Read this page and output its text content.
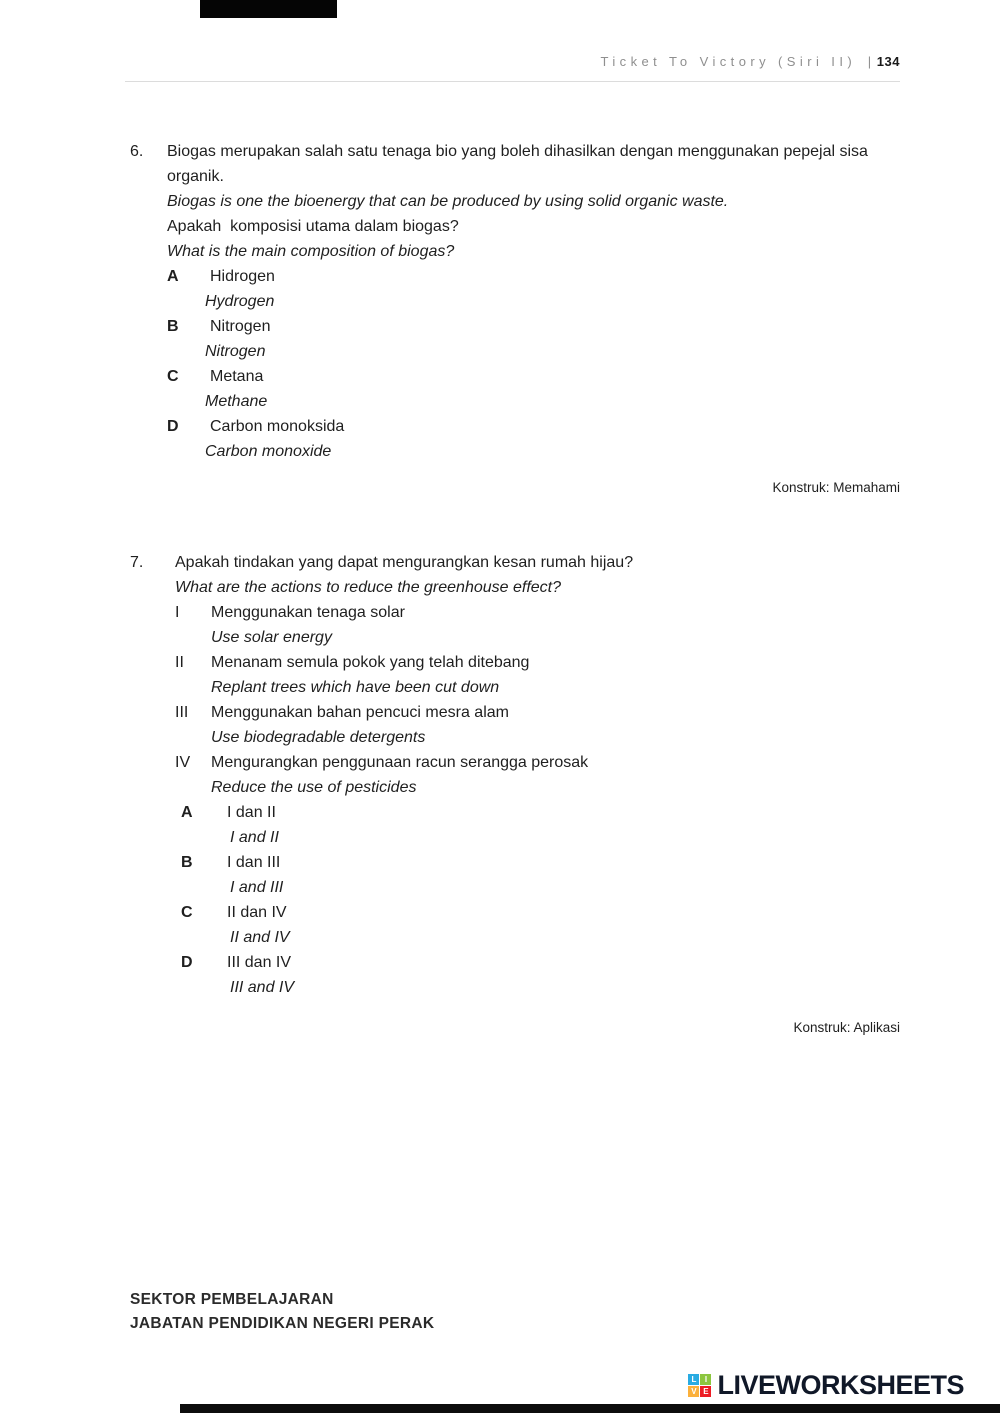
Ticket To Victory (Siri II) | 134
6.	Biogas merupakan salah satu tenaga bio yang boleh dihasilkan dengan menggunakan pepejal sisa organik.
Biogas is one the bioenergy that can be produced by using solid organic waste.
Apakah  komposisi utama dalam biogas?
What is the main composition of biogas?
A	Hidrogen
Hydrogen
B	Nitrogen
Nitrogen
C	Metana
Methane
D	Carbon monoksida
Carbon monoxide
Konstruk: Memahami
7.	Apakah tindakan yang dapat mengurangkan kesan rumah hijau?
What are the actions to reduce the greenhouse effect?
I	Menggunakan tenaga solar
Use solar energy
II	Menanam semula pokok yang telah ditebang
Replant trees which have been cut down
III	Menggunakan bahan pencuci mesra alam
Use biodegradable detergents
IV	Mengurangkan penggunaan racun serangga perosak
Reduce the use of pesticides
A	I dan II
I and II
B	I dan III
I and III
C	II dan IV
II and IV
D	III dan IV
III and IV
Konstruk: Aplikasi
SEKTOR PEMBELAJARAN
JABATAN PENDIDIKAN NEGERI PERAK
L	I
V E LIVEWORKSHEETS
